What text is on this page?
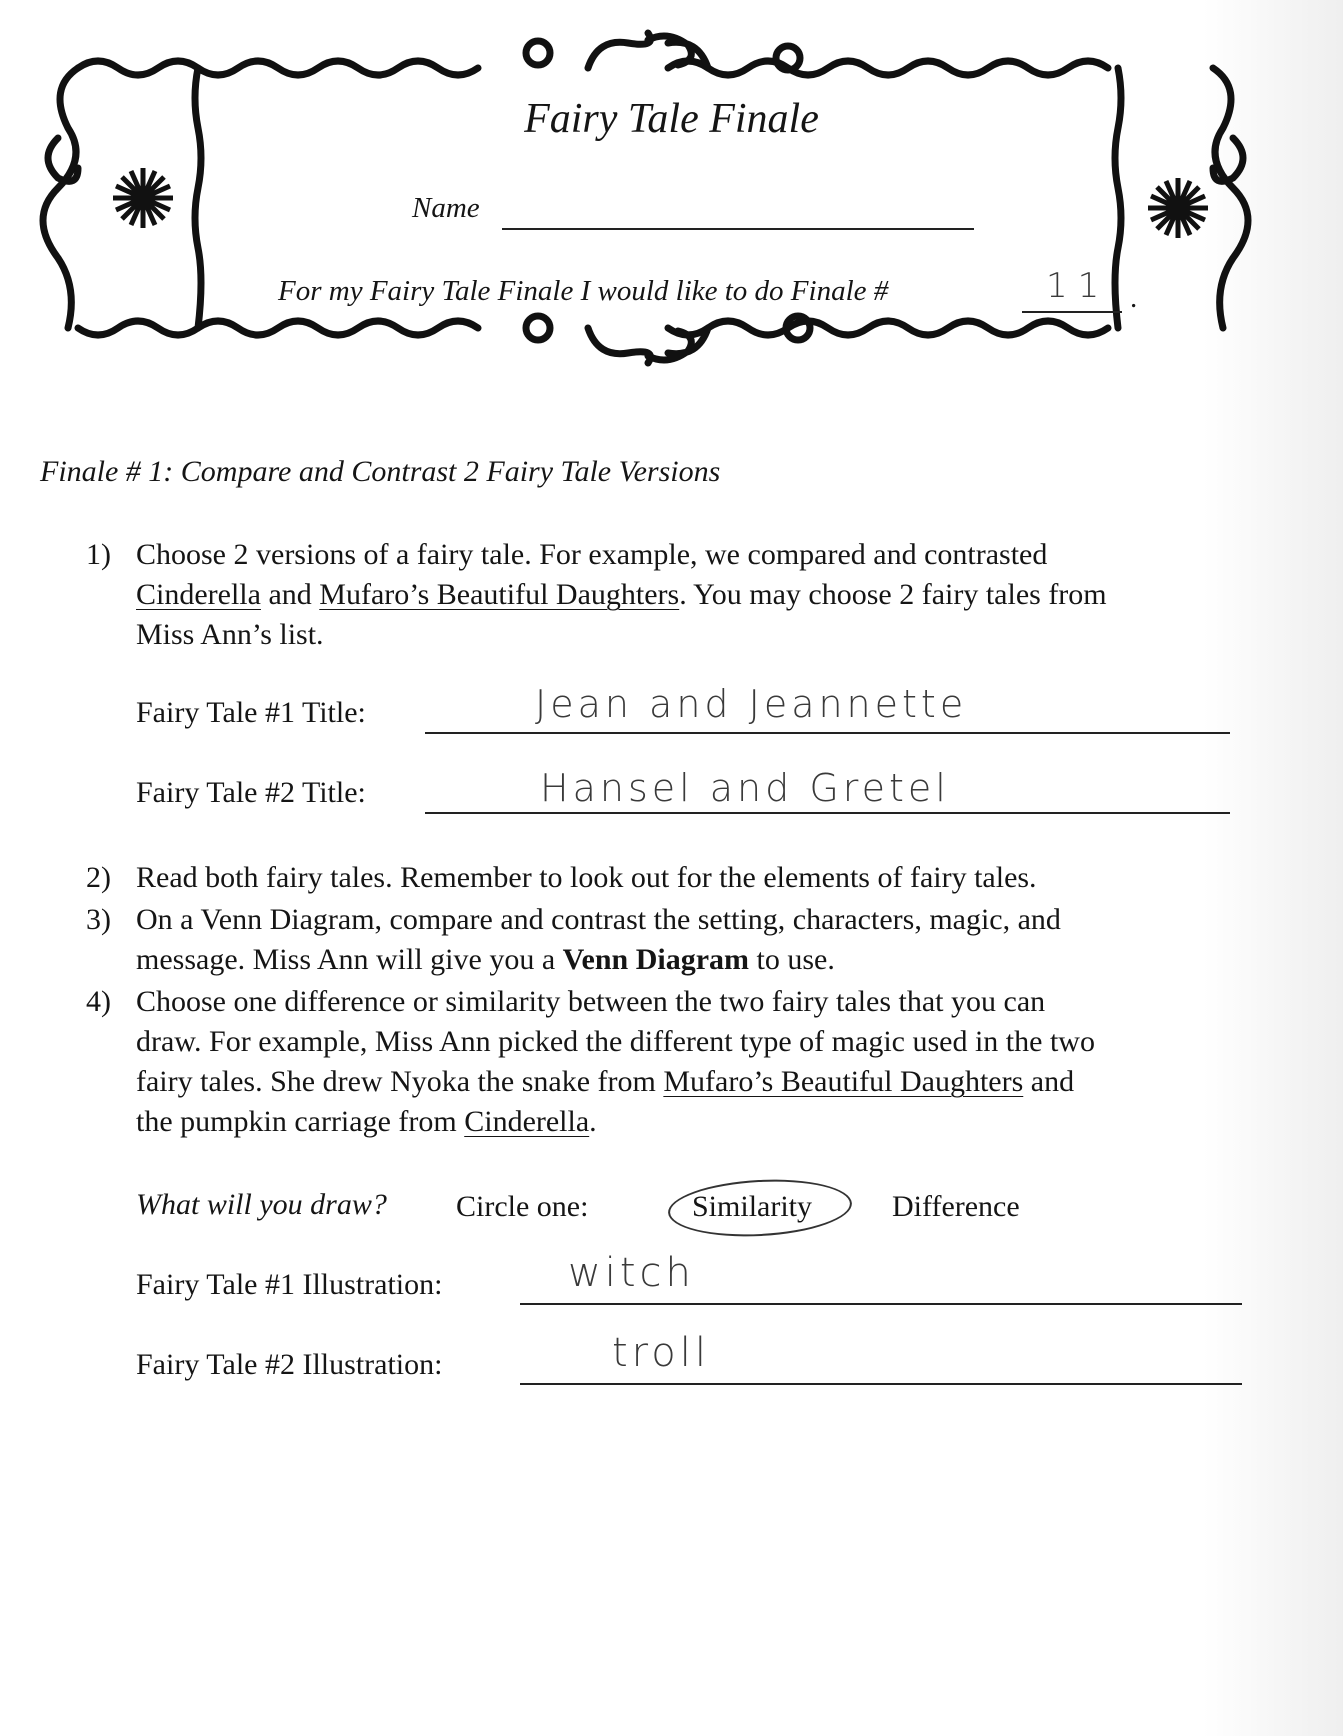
Fairy Tale Finale
Name
For my Fairy Tale Finale I would like to do Finale #	11 .
Finale # 1: Compare and Contrast 2 Fairy Tale Versions
1) Choose 2 versions of a fairy tale. For example, we compared and contrasted
Cinderella and Mufaro’s Beautiful Daughters. You may choose 2 fairy tales from
Miss Ann’s list.
Fairy Tale #1 Title:	Jean and Jeannette
Fairy Tale #2 Title:	Hansel and Gretel
2) Read both fairy tales. Remember to look out for the elements of fairy tales.
3) On a Venn Diagram, compare and contrast the setting, characters, magic, and
message. Miss Ann will give you a Venn Diagram to use.
4) Choose one difference or similarity between the two fairy tales that you can
draw. For example, Miss Ann picked the different type of magic used in the two
fairy tales. She drew Nyoka the snake from Mufaro’s Beautiful Daughters and
the pumpkin carriage from Cinderella.
What will you draw? Circle one:	Similarity	Difference
Fairy Tale #1 Illustration:	witch
Fairy Tale #2 Illustration:	troll
